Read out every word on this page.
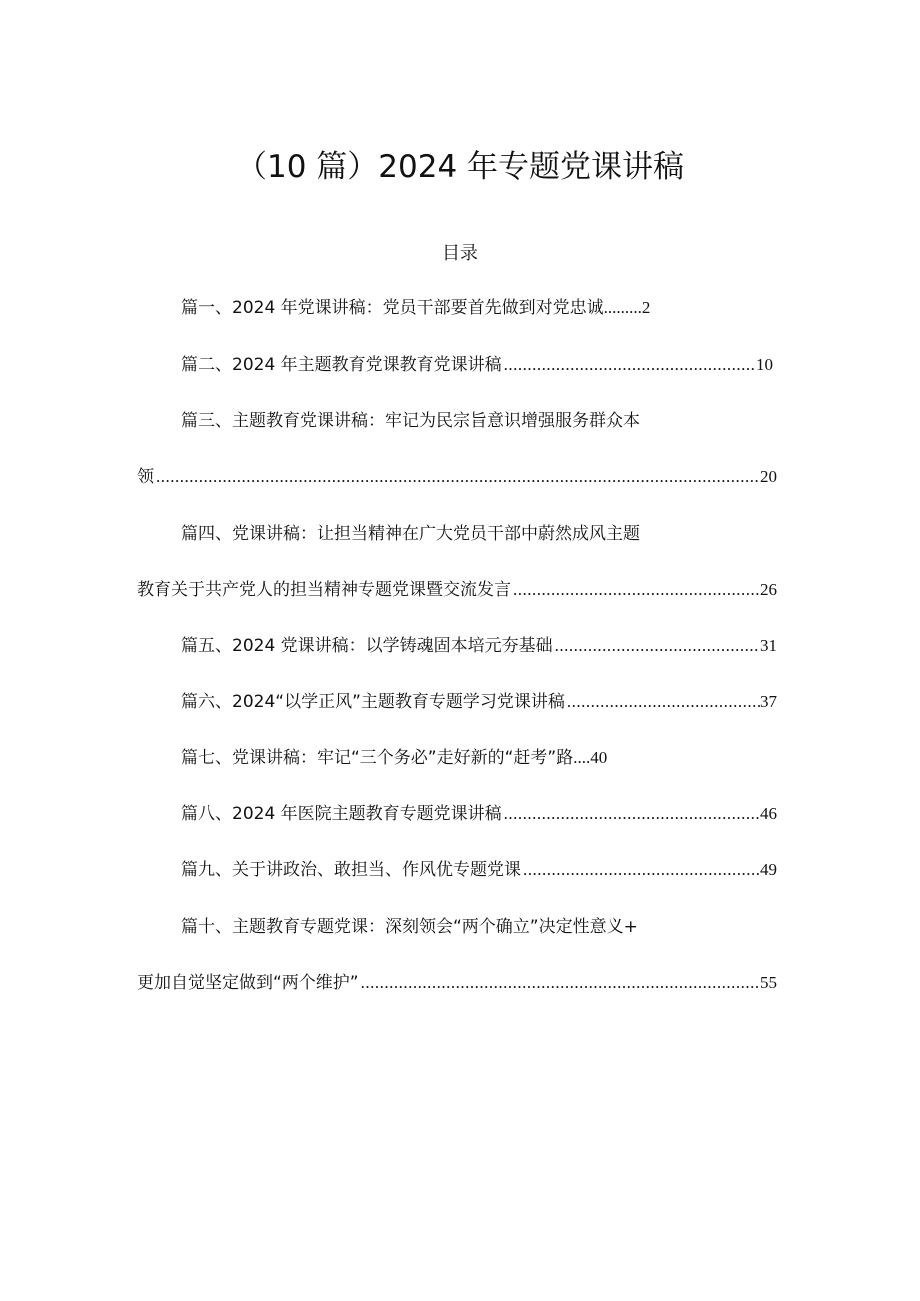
（10 篇）2024 年专题党课讲稿
目录
篇一、2024 年党课讲稿：党员干部要首先做到对党忠诚 ......... 2
篇二、2024 年主题教育党课教育党课讲稿 .....	10
篇三、主题教育党课讲稿：牢记为民宗旨意识增强服务群众本
领 .....	20
篇四、党课讲稿：让担当精神在广大党员干部中蔚然成风主题
教育关于共产党人的担当精神专题党课暨交流发言 .....	26
篇五、2024 党课讲稿：以学铸魂固本培元夯基础 .....	31
篇六、2024“以学正风”主题教育专题学习党课讲稿 .....	37
篇七、党课讲稿：牢记“三个务必”走好新的“赶考”路 .... 40
篇八、2024 年医院主题教育专题党课讲稿 .....	46
篇九、关于讲政治、敢担当、作风优专题党课 .....	49
篇十、主题教育专题党课：深刻领会“两个确立”决定性意义+
更加自觉坚定做到“两个维护” .....	55
